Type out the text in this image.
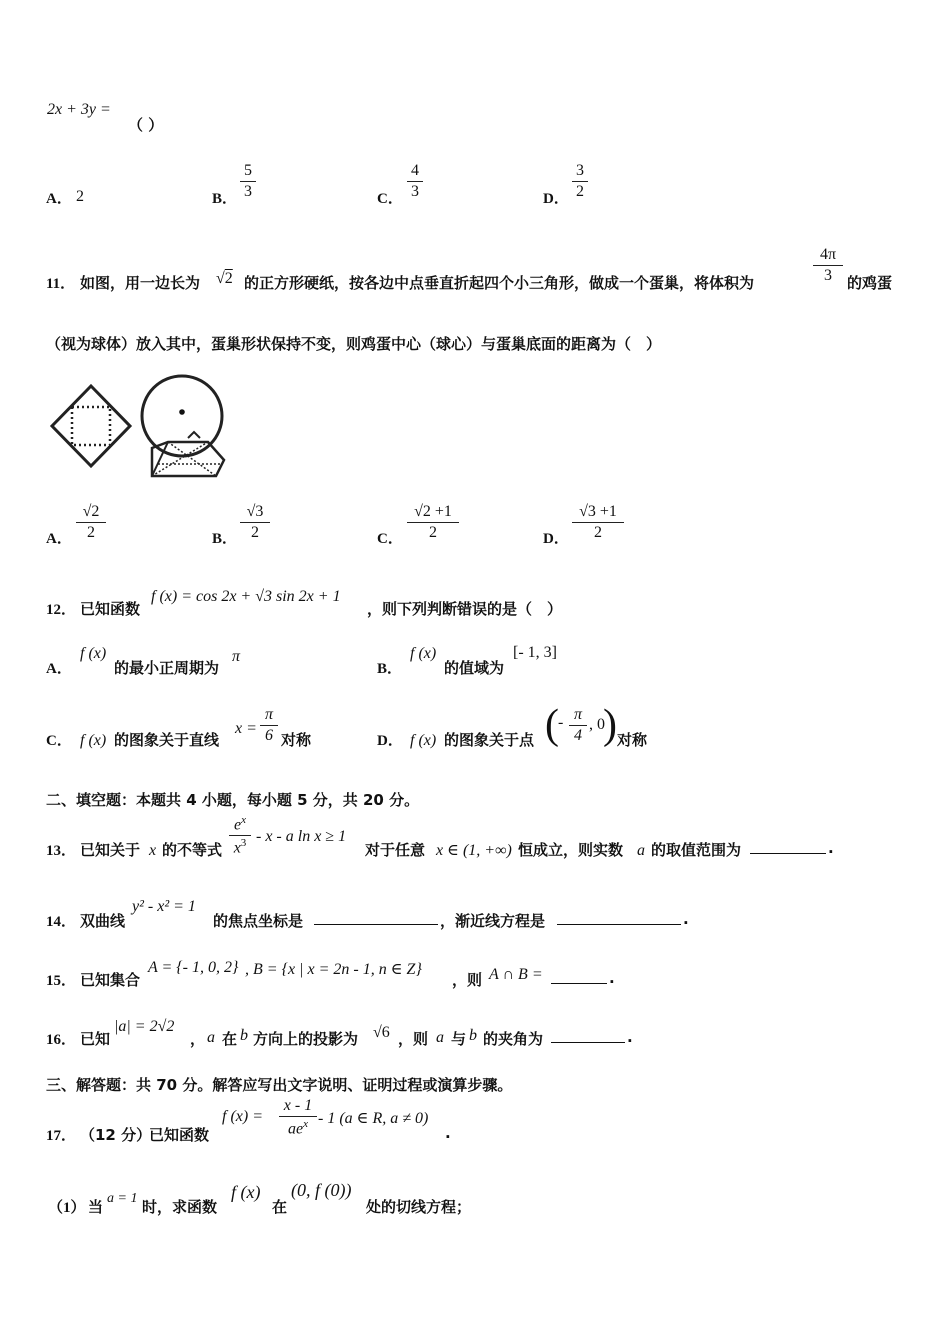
2x + 3y =
（ ）
A． 2	B．
5
3	C．
4
3	D．
3
2
11． 如图，用一边长为 √2 的正方形硬纸，按各边中点垂直折起四个小三角形，做成一个蛋巢，将体积为
4π
3	的鸡蛋
（视为球体）放入其中，蛋巢形状保持不变，则鸡蛋中心（球心）与蛋巢底面的距离为（　）
A．
√2
2	B．
√3
2	C．
√2 +1
2	D．
√3 +1
2
12． 已知函数
f (x) = cos 2x + √3 sin 2x + 1
，则下列判断错误的是（　）
A．
f (x)
的最小正周期为
π
B．
f (x)
的值域为
[- 1, 3]
C． f (x) 的图象关于直线
x =
π
6 对称	D． f (x) 的图象关于点 ( - π
4
, 0
) 对称
二、填空题：本题共 4 小题，每小题 5 分，共 20 分。
13． 已知关于 x 的不等式
$e^x$
$x^3$ - x - a ln x ≥ 1
对于任意 x ∈ (1, +∞) 恒成立，则实数 a 的取值范围为	.
14． 双曲线
y² - x² = 1
的焦点坐标是	，渐近线方程是	.
15． 已知集合
A = {- 1, 0, 2} , B = {x | x = 2n - 1, n ∈ Z}
，则 A ∩ B =	.
16． 已知
|a| = 2√2
， a 在 b 方向上的投影为 √6 ，则 a 与 b 的夹角为	.
三、解答题：共 70 分。解答应写出文字说明、证明过程或演算步骤。
17． （12 分）
已知函数
f (x) =
x - 1
$ae^x - 1$ (a ∈ R, a ≠ 0)
.
（1） 当 a = 1 时，求函数
f (x)
在
(0, f (0))
处的切线方程；
